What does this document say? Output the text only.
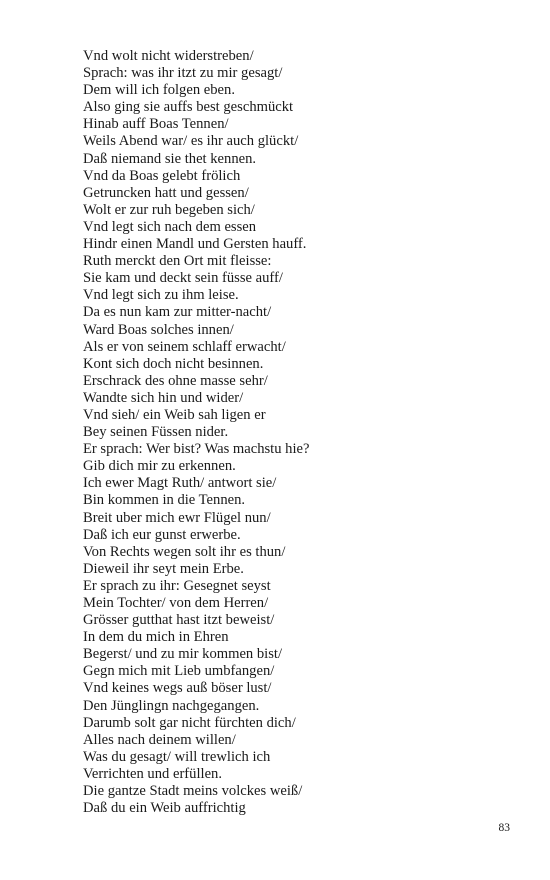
Vnd wolt nicht widerstreben/
Sprach: was ihr itzt zu mir gesagt/
Dem will ich folgen eben.
Also ging sie auffs best geschmückt
Hinab auff Boas Tennen/
Weils Abend war/ es ihr auch glückt/
Daß niemand sie thet kennen.
Vnd da Boas gelebt frölich
Getruncken hatt und gessen/
Wolt er zur ruh begeben sich/
Vnd legt sich nach dem essen
Hindr einen Mandl und Gersten hauff.
Ruth merckt den Ort mit fleisse:
Sie kam und deckt sein füsse auff/
Vnd legt sich zu ihm leise.
Da es nun kam zur mitter-nacht/
Ward Boas solches innen/
Als er von seinem schlaff erwacht/
Kont sich doch nicht besinnen.
Erschrack des ohne masse sehr/
Wandte sich hin und wider/
Vnd sieh/ ein Weib sah ligen er
Bey seinen Füssen nider.
Er sprach: Wer bist? Was machstu hie?
Gib dich mir zu erkennen.
Ich ewer Magt Ruth/ antwort sie/
Bin kommen in die Tennen.
Breit uber mich ewr Flügel nun/
Daß ich eur gunst erwerbe.
Von Rechts wegen solt ihr es thun/
Dieweil ihr seyt mein Erbe.
Er sprach zu ihr: Gesegnet seyst
Mein Tochter/ von dem Herren/
Grösser gutthat hast itzt beweist/
In dem du mich in Ehren
Begerst/ und zu mir kommen bist/
Gegn mich mit Lieb umbfangen/
Vnd keines wegs auß böser lust/
Den Jünglingn nachgegangen.
Darumb solt gar nicht fürchten dich/
Alles nach deinem willen/
Was du gesagt/ will trewlich ich
Verrichten und erfüllen.
Die gantze Stadt meins volckes weiß/
Daß du ein Weib auffrichtig
83
